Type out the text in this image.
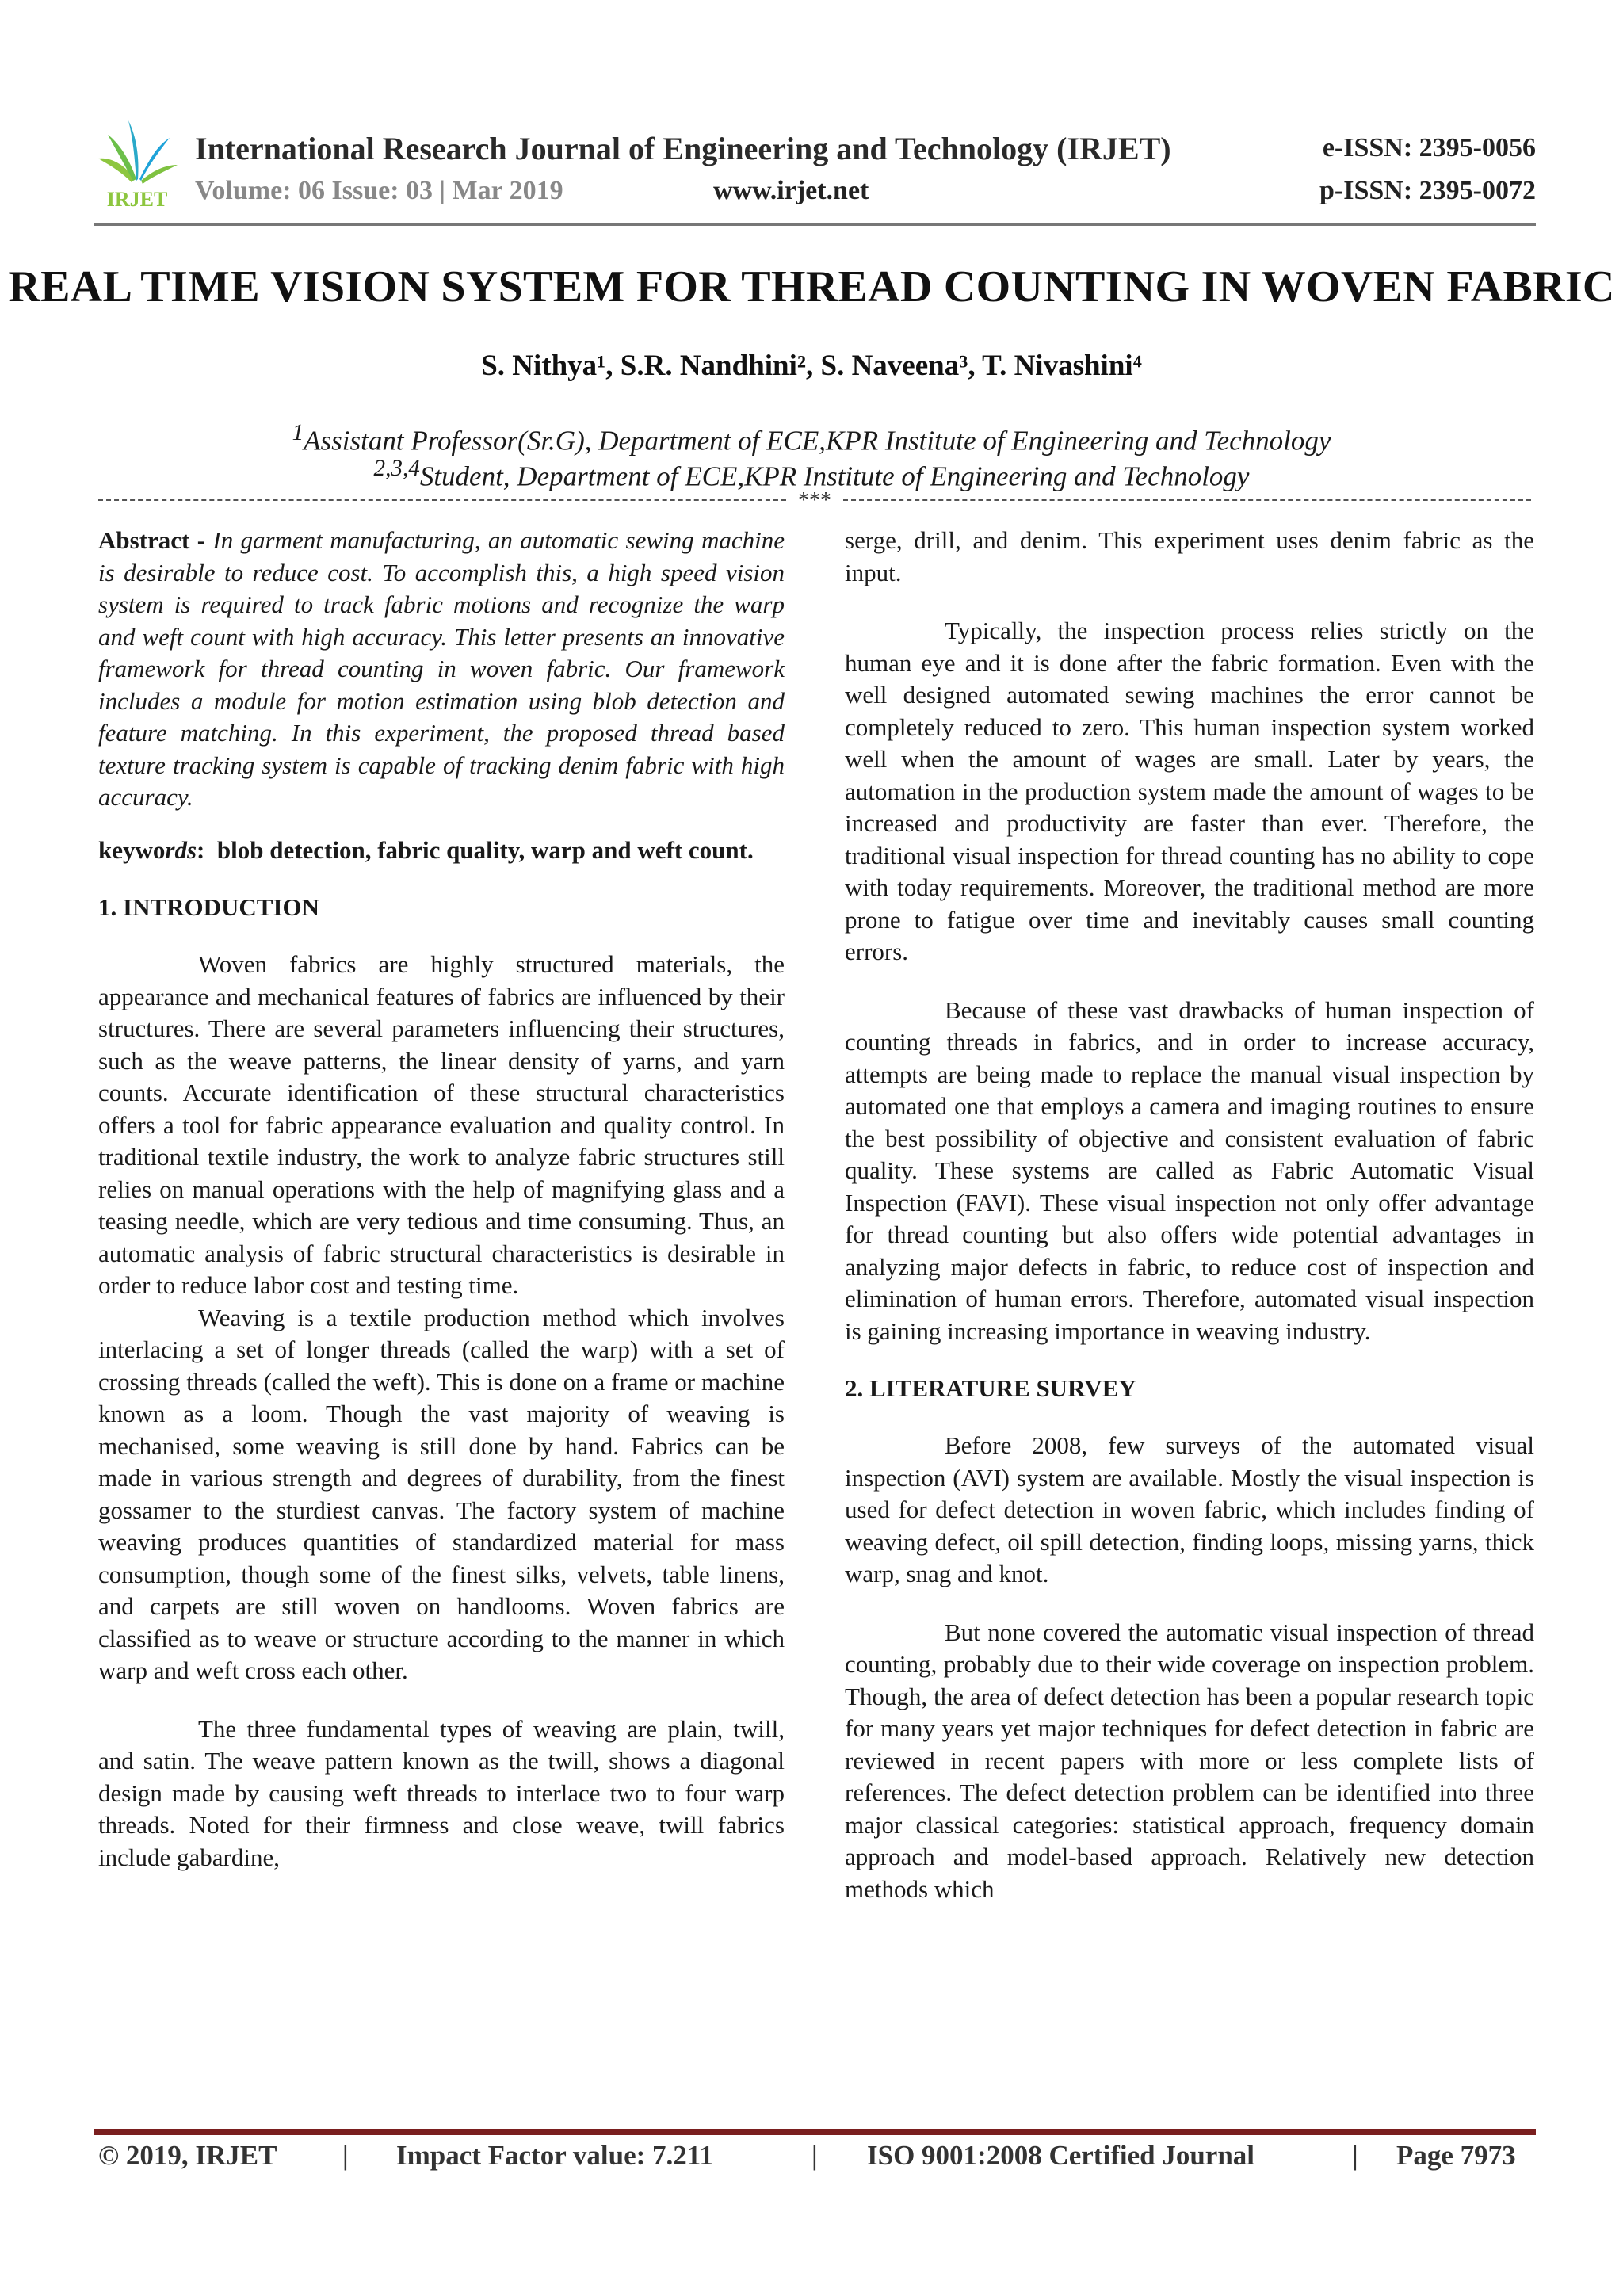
IRJET
International Research Journal of Engineering and Technology (IRJET)
Volume: 06 Issue: 03 | Mar 2019	www.irjet.net
e-ISSN: 2395-0056
p-ISSN: 2395-0072
REAL TIME VISION SYSTEM FOR THREAD COUNTING IN WOVEN FABRIC
S. Nithya¹, S.R. Nandhini², S. Naveena³, T. Nivashini⁴
$^1$Assistant Professor(Sr.G), Department of ECE,KPR Institute of Engineering and Technology
$^{2,3,4}$Student, Department of ECE,KPR Institute of Engineering and Technology
***

Abstract - In garment manufacturing, an automatic sewing machine is desirable to reduce cost. To accomplish this, a high speed vision system is required to track fabric motions and recognize the warp and weft count with high accuracy. This letter presents an innovative framework for thread counting in woven fabric. Our framework includes a module for motion estimation using blob detection and feature matching. In this experiment, the proposed thread based texture tracking system is capable of tracking denim fabric with high accuracy.

keywords: blob detection, fabric quality, warp and weft count.

1. INTRODUCTION

Woven fabrics are highly structured materials, the appearance and mechanical features of fabrics are influenced by their structures. There are several parameters influencing their structures, such as the weave patterns, the linear density of yarns, and yarn counts. Accurate identification of these structural characteristics offers a tool for fabric appearance evaluation and quality control. In traditional textile industry, the work to analyze fabric structures still relies on manual operations with the help of magnifying glass and a teasing needle, which are very tedious and time consuming. Thus, an automatic analysis of fabric structural characteristics is desirable in order to reduce labor cost and testing time.

Weaving is a textile production method which involves interlacing a set of longer threads (called the warp) with a set of crossing threads (called the weft). This is done on a frame or machine known as a loom. Though the vast majority of weaving is mechanised, some weaving is still done by hand. Fabrics can be made in various strength and degrees of durability, from the finest gossamer to the sturdiest canvas. The factory system of machine weaving produces quantities of standardized material for mass consumption, though some of the finest silks, velvets, table linens, and carpets are still woven on handlooms. Woven fabrics are classified as to weave or structure according to the manner in which warp and weft cross each other.

The three fundamental types of weaving are plain, twill, and satin. The weave pattern known as the twill, shows a diagonal design made by causing weft threads to interlace two to four warp threads. Noted for their firmness and close weave, twill fabrics include gabardine,

serge, drill, and denim. This experiment uses denim fabric as the input.

Typically, the inspection process relies strictly on the human eye and it is done after the fabric formation. Even with the well designed automated sewing machines the error cannot be completely reduced to zero. This human inspection system worked well when the amount of wages are small. Later by years, the automation in the production system made the amount of wages to be increased and productivity are faster than ever. Therefore, the traditional visual inspection for thread counting has no ability to cope with today requirements. Moreover, the traditional method are more prone to fatigue over time and inevitably causes small counting errors.

Because of these vast drawbacks of human inspection of counting threads in fabrics, and in order to increase accuracy, attempts are being made to replace the manual visual inspection by automated one that employs a camera and imaging routines to ensure the best possibility of objective and consistent evaluation of fabric quality. These systems are called as Fabric Automatic Visual Inspection (FAVI). These visual inspection not only offer advantage for thread counting but also offers wide potential advantages in analyzing major defects in fabric, to reduce cost of inspection and elimination of human errors. Therefore, automated visual inspection is gaining increasing importance in weaving industry.

2. LITERATURE SURVEY

Before 2008, few surveys of the automated visual inspection (AVI) system are available. Mostly the visual inspection is used for defect detection in woven fabric, which includes finding of weaving defect, oil spill detection, finding loops, missing yarns, thick warp, snag and knot.

But none covered the automatic visual inspection of thread counting, probably due to their wide coverage on inspection problem. Though, the area of defect detection has been a popular research topic for many years yet major techniques for defect detection in fabric are reviewed in recent papers with more or less complete lists of references. The defect detection problem can be identified into three major classical categories: statistical approach, frequency domain approach and model-based approach. Relatively new detection methods which

© 2019, IRJET | Impact Factor value: 7.211	| ISO 9001:2008 Certified Journal	| Page 7973
